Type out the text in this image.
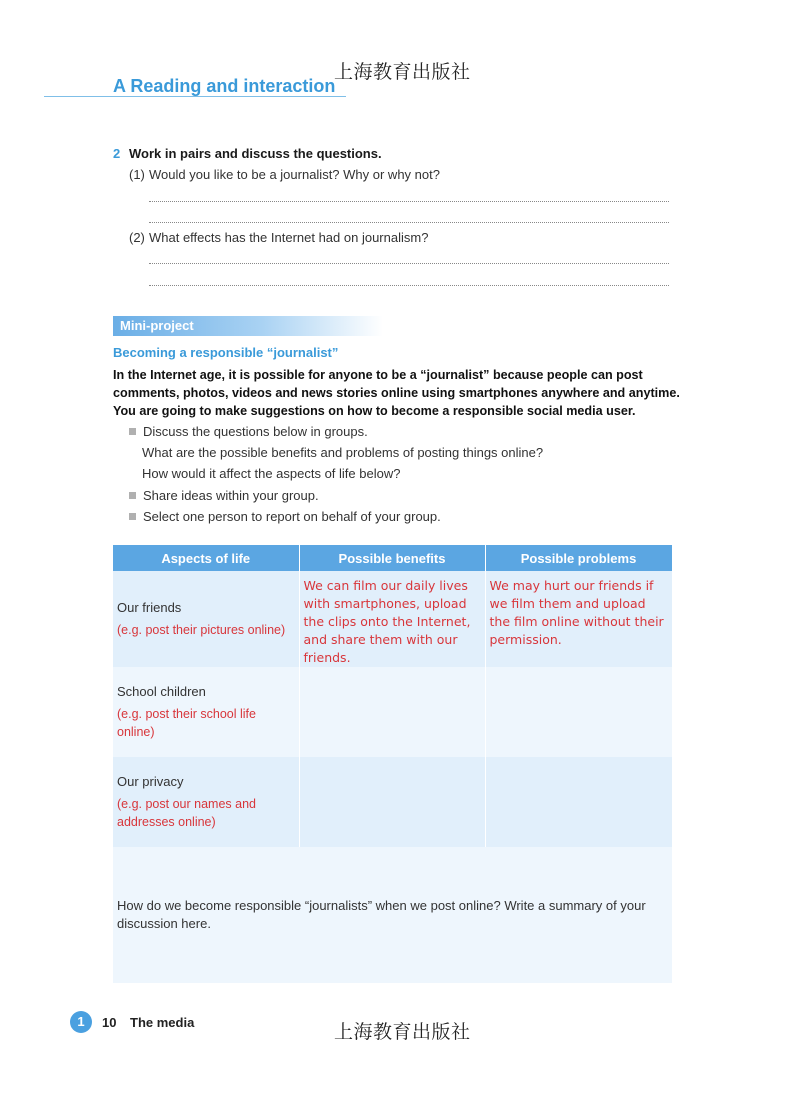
上海教育出版社
A Reading and interaction
2 Work in pairs and discuss the questions.
(1) Would you like to be a journalist? Why or why not?
(2) What effects has the Internet had on journalism?
Mini-project
Becoming a responsible “journalist”
In the Internet age, it is possible for anyone to be a “journalist” because people can post comments, photos, videos and news stories online using smartphones anywhere and anytime. You are going to make suggestions on how to become a responsible social media user.
Discuss the questions below in groups.
What are the possible benefits and problems of posting things online?
How would it affect the aspects of life below?
Share ideas within your group.
Select one person to report on behalf of your group.
Aspects of life	Possible benefits	Possible problems
Our friends
(e.g. post their pictures online)	We can film our daily lives with smartphones, upload the clips onto the Internet, and share them with our friends.	We may hurt our friends if we film them and upload the film online without their permission.

School children
(e.g. post their school life online)		

Our privacy
(e.g. post our names and addresses online)		

How do we become responsible “journalists” when we post online? Write a summary of your discussion here.		
1	10 The media	上海教育出版社
